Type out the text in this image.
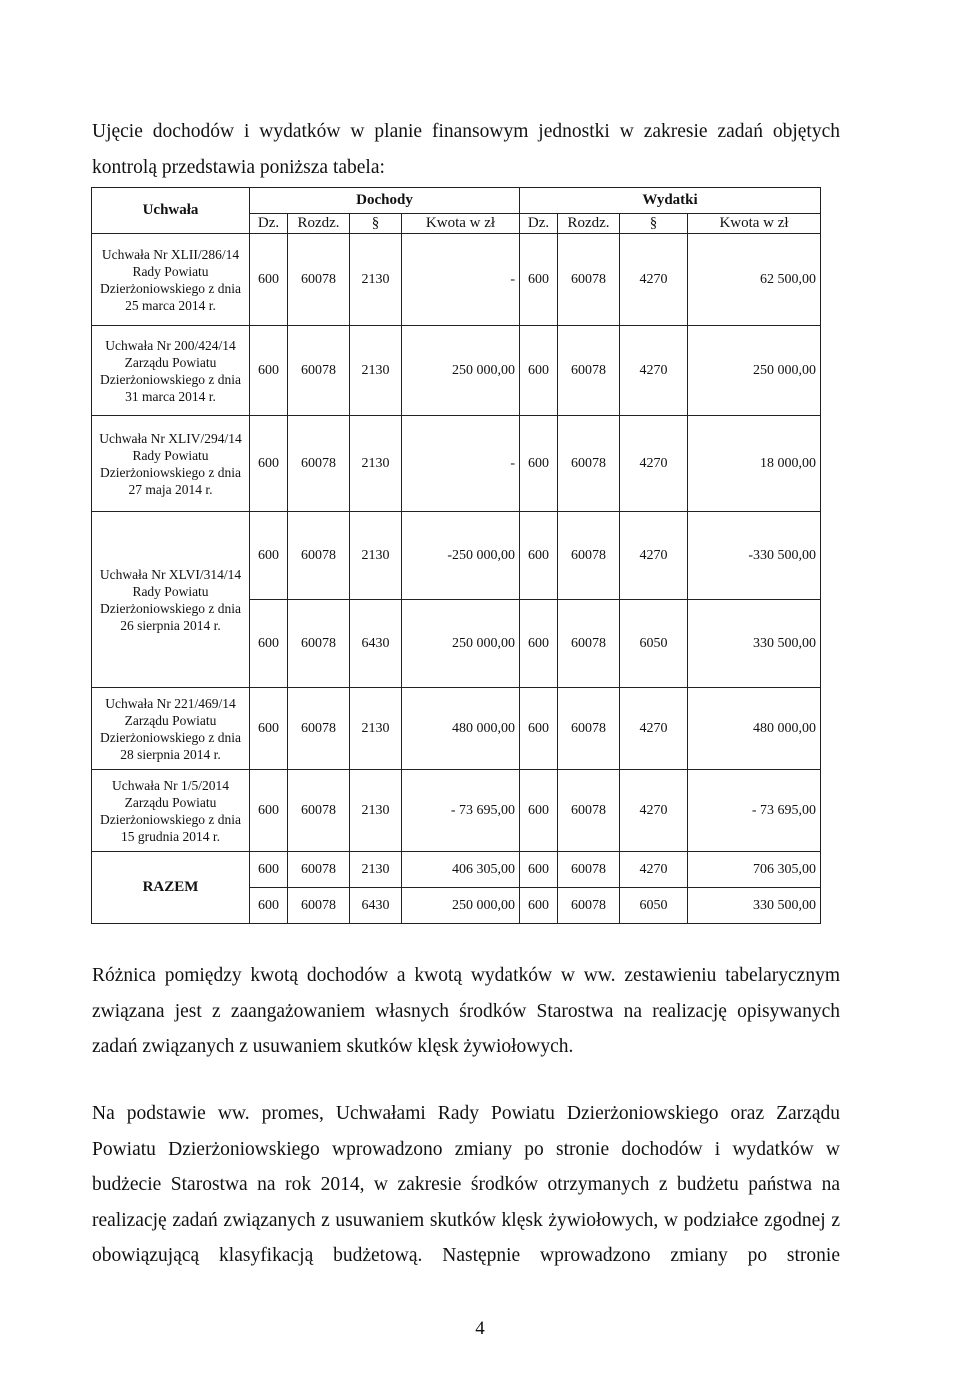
Ujęcie dochodów i wydatków w planie finansowym jednostki w zakresie zadań objętych kontrolą przedstawia poniższa tabela:

Uchwała	Dochody				Wydatki			
	Dz.	Rozdz.	§	Kwota w zł	Dz.	Rozdz.	§	Kwota w zł
Uchwała Nr XLII/286/14 Rady Powiatu Dzierżoniowskiego z dnia 25 marca 2014 r.	600	60078	2130	-	600	60078	4270	62 500,00
Uchwała Nr 200/424/14 Zarządu Powiatu Dzierżoniowskiego z dnia 31 marca 2014 r.	600	60078	2130	250 000,00	600	60078	4270	250 000,00
Uchwała Nr XLIV/294/14 Rady Powiatu Dzierżoniowskiego z dnia 27 maja 2014 r.	600	60078	2130	-	600	60078	4270	18 000,00
Uchwała Nr XLVI/314/14 Rady Powiatu Dzierżoniowskiego z dnia 26 sierpnia 2014 r.	600	60078	2130	-250 000,00	600	60078	4270	-330 500,00
	600	60078	6430	250 000,00	600	60078	6050	330 500,00
Uchwała Nr 221/469/14 Zarządu Powiatu Dzierżoniowskiego z dnia 28 sierpnia 2014 r.	600	60078	2130	480 000,00	600	60078	4270	480 000,00
Uchwała Nr 1/5/2014 Zarządu Powiatu Dzierżoniowskiego z dnia 15 grudnia 2014 r.	600	60078	2130	- 73 695,00	600	60078	4270	- 73 695,00
RAZEM	600	60078	2130	406 305,00	600	60078	4270	706 305,00
	600	60078	6430	250 000,00	600	60078	6050	330 500,00

Różnica pomiędzy kwotą dochodów a kwotą wydatków w ww. zestawieniu tabelarycznym związana jest z zaangażowaniem własnych środków Starostwa na realizację opisywanych zadań związanych z usuwaniem skutków klęsk żywiołowych.

Na podstawie ww. promes, Uchwałami Rady Powiatu Dzierżoniowskiego oraz Zarządu Powiatu Dzierżoniowskiego wprowadzono zmiany po stronie dochodów i wydatków w budżecie Starostwa na rok 2014, w zakresie środków otrzymanych z budżetu państwa na realizację zadań związanych z usuwaniem skutków klęsk żywiołowych, w podziałce zgodnej z obowiązującą klasyfikacją budżetową. Następnie wprowadzono zmiany po stronie

4
